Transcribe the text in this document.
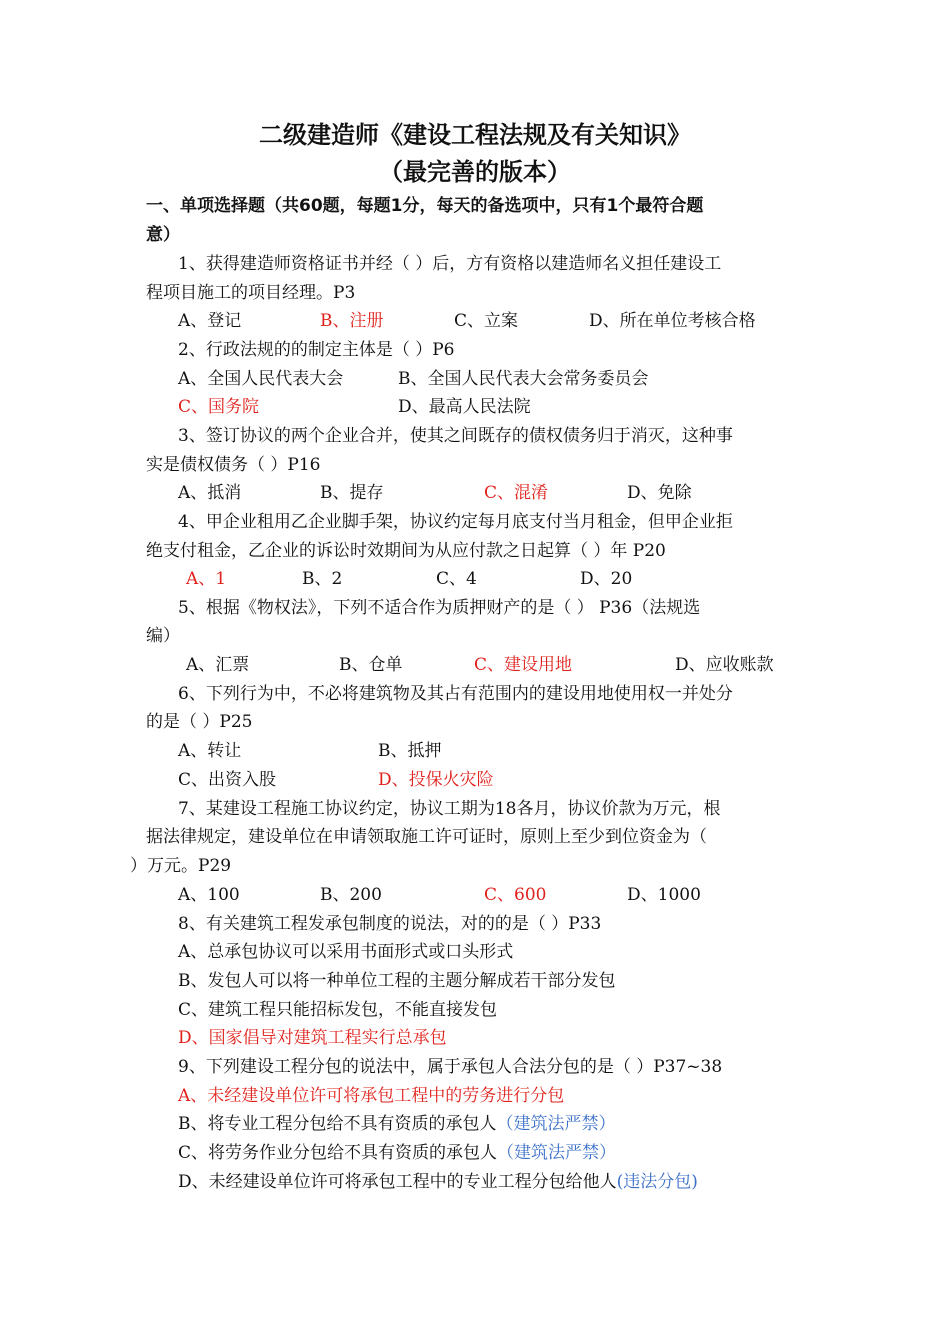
二级建造师《建设工程法规及有关知识》
（最完善的版本）
一、单项选择题（共60题，每题1分，每天的备选项中，只有1个最符合题
意）
1、获得建造师资格证书并经（ ）后，方有资格以建造师名义担任建设工
程项目施工的项目经理。P3
A、登记	B、注册	C、立案	D、所在单位考核合格
2、行政法规的的制定主体是（ ）P6
A、全国人民代表大会	B、全国人民代表大会常务委员会
C、国务院	D、最高人民法院
3、签订协议的两个企业合并，使其之间既存的债权债务归于消灭，这种事
实是债权债务（ ）P16
A、抵消	B、提存	C、混淆	D、免除
4、甲企业租用乙企业脚手架，协议约定每月底支付当月租金，但甲企业拒
绝支付租金，乙企业的诉讼时效期间为从应付款之日起算（ ）年 P20
A、1	B、2	C、4	D、20
5、根据《物权法》，下列不适合作为质押财产的是（ ） P36（法规选
编）
A、汇票	B、仓单	C、建设用地	D、应收账款
6、下列行为中，不必将建筑物及其占有范围内的建设用地使用权一并处分
的是（ ）P25
A、转让	B、抵押
C、出资入股	D、投保火灾险
7、某建设工程施工协议约定，协议工期为18各月，协议价款为万元，根
据法律规定，建设单位在申请领取施工许可证时，原则上至少到位资金为（
）万元。P29
A、100	B、200	C、600	D、1000
8、有关建筑工程发承包制度的说法，对的的是（ ）P33
A、总承包协议可以采用书面形式或口头形式
B、发包人可以将一种单位工程的主题分解成若干部分发包
C、建筑工程只能招标发包，不能直接发包
D、国家倡导对建筑工程实行总承包
9、下列建设工程分包的说法中，属于承包人合法分包的是（ ）P37~38
A、未经建设单位许可将承包工程中的劳务进行分包
B、将专业工程分包给不具有资质的承包人（建筑法严禁）
C、将劳务作业分包给不具有资质的承包人（建筑法严禁）
D、未经建设单位许可将承包工程中的专业工程分包给他人(违法分包)
